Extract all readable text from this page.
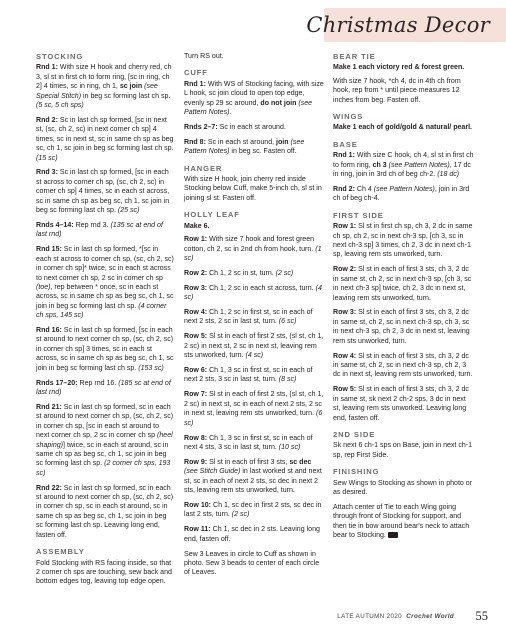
Christmas Decor
STOCKING
Rnd 1: With size H hook and cherry red, ch 3, sl st in first ch to form ring, [sc in ring, ch 2] 4 times, sc in ring, ch 1, sc join (see Special Stitch) in beg sc forming last ch sp. (5 sc, 5 ch sps)
Rnd 2: Sc in last ch sp formed, [sc in next st, (sc, ch 2, sc) in next corner ch sp] 4 times, sc in next st, sc in same ch sp as beg sc, ch 1, sc join in beg sc forming last ch sp. (15 sc)
Rnd 3: Sc in last ch sp formed, [sc in each st across to corner ch sp, (sc, ch 2, sc) in corner ch sp] 4 times, sc in each st across, sc in same ch sp as beg sc, ch 1, sc join in beg sc forming last ch sp. (25 sc)
Rnds 4–14: Rep rnd 3. (135 sc at end of last rnd)
Rnd 15: Sc in last ch sp formed, *[sc in each st across to corner ch sp, (sc, ch 2, sc) in corner ch sp]* twice, sc in each st across to next corner ch sp, 2 sc in corner ch sp (toe), rep between * once, sc in each st across, sc in same ch sp as beg sc, ch 1, sc join in beg sc forming last ch sp. (4 corner ch sps, 145 sc)
Rnd 16: Sc in last ch sp formed, [sc in each st around to next corner ch sp, (sc, ch 2, sc) in corner ch sp] 3 times, sc in each st across, sc in same ch sp as beg sc, ch 1, sc join in beg sc forming last ch sp. (153 sc)
Rnds 17–20: Rep rnd 16. (185 sc at end of last rnd)
Rnd 21: Sc in last ch sp formed, sc in each st around to next corner ch sp, (sc, ch 2, sc) in corner ch sp, [sc in each st around to next corner ch sp, 2 sc in corner ch sp (heel shaping)] twice, sc in each st around, sc in same ch sp as beg sc, ch 1, sc join in beg sc forming last ch sp. (2 corner ch sps, 193 sc)
Rnd 22: Sc in last ch sp formed, sc in each st around to next corner ch sp, (sc, ch 2, sc) in corner ch sp, sc in each st around, sc in same ch sp as beg sc, ch 1, sc join in beg sc forming last ch sp. Leaving long end, fasten off.
ASSEMBLY
Fold Stocking with RS facing inside, so that 2 corner ch sps are touching, sew back and bottom edges tog, leaving top edge open.
Turn RS out.
CUFF
Rnd 1: With WS of Stocking facing, with size L hook, sc join cloud to open top edge, evenly sp 29 sc around, do not join (see Pattern Notes).
Rnds 2–7: Sc in each st around.
Rnd 8: Sc in each st around, join (see Pattern Notes) in beg sc. Fasten off.
HANGER
With size H hook, join cherry red inside Stocking below Cuff, make 5-inch ch, sl st in joining sl st. Fasten off.
HOLLY LEAF
Make 6.
Row 1: With size 7 hook and forest green cotton, ch 2, sc in 2nd ch from hook, turn. (1 sc)
Row 2: Ch 1, 2 sc in st, turn. (2 sc)
Row 3: Ch 1, 2 sc in each st across, turn. (4 sc)
Row 4: Ch 1, 2 sc in first st, sc in each of next 2 sts, 2 sc in last st, turn. (6 sc)
Row 5: Sl st in each of first 2 sts, (sl st, ch 1, 2 sc) in next st, 2 sc in next st, leaving rem sts unworked, turn. (4 sc)
Row 6: Ch 1, 3 sc in first st, sc in each of next 2 sts, 3 sc in last st, turn. (8 sc)
Row 7: Sl st in each of first 2 sts, (sl st, ch 1, 2 sc) in next st, sc in each of next 2 sts, 2 sc in next st, leaving rem sts unworked, turn. (6 sc)
Row 8: Ch 1, 3 sc in first st, sc in each of next 4 sts, 3 sc in last st, turn. (10 sc)
Row 9: Sl st in each of first 3 sts, sc dec (see Stitch Guide) in last worked st and next st, sc in each of next 2 sts, sc dec in next 2 sts, leaving rem sts unworked, turn.
Row 10: Ch 1, sc dec in first 2 sts, sc dec in last 2 sts, turn. (2 sc)
Row 11: Ch 1, sc dec in 2 sts. Leaving long end, fasten off.
Sew 3 Leaves in circle to Cuff as shown in photo. Sew 3 beads to center of each circle of Leaves.
BEAR TIE
Make 1 each victory red & forest green.
With size 7 hook, *ch 4, dc in 4th ch from hook, rep from * until piece measures 12 inches from beg. Fasten off.
WINGS
Make 1 each of gold/gold & natural/ pearl.
BASE
Rnd 1: With size C hook, ch 4, sl st in first ch to form ring, ch 3 (see Pattern Notes), 17 dc in ring, join in 3rd ch of beg ch-2. (18 dc)
Rnd 2: Ch 4 (see Pattern Notes), join in 3rd ch of beg ch-4.
FIRST SIDE
Row 1: Sl st in first ch sp, ch 3, 2 dc in same ch sp, ch 2, sc in next ch-3 sp, [ch 3, sc in next ch-3 sp] 3 times, ch 2, 3 dc in next ch-1 sp, leaving rem sts unworked, turn.
Row 2: Sl st in each of first 3 sts, ch 3, 2 dc in same st, ch 2, sc in next ch-3 sp, [ch 3, sc in next ch-3 sp] twice, ch 2, 3 dc in next st, leaving rem sts unworked, turn.
Row 3: Sl st in each of first 3 sts, ch 3, 2 dc in same st, ch 2, sc in next ch-3 sp, ch 3, sc in next ch-3 sp, ch 2, 3 dc in next st, leaving rem sts unworked, turn.
Row 4: Sl st in each of first 3 sts, ch 3, 2 dc in same st, ch 2, sc in next ch-3 sp, ch 2, 3 dc in next st, leaving rem sts unworked, turn.
Row 5: Sl st in each of first 3 sts, ch 3, 2 dc in same st, sk next 2 ch-2 sps, 3 dc in next st, leaving rem sts unworked. Leaving long end, fasten off.
2ND SIDE
Sk next 6 ch-1 sps on Base, join in next ch-1 sp, rep First Side.
FINISHING
Sew Wings to Stocking as shown in photo or as desired.
Attach center of Tie to each Wing going through front of Stocking for support, and then tie in bow around bear's neck to attach bear to Stocking.
LATE AUTUMN 2020 Crochet World 55
